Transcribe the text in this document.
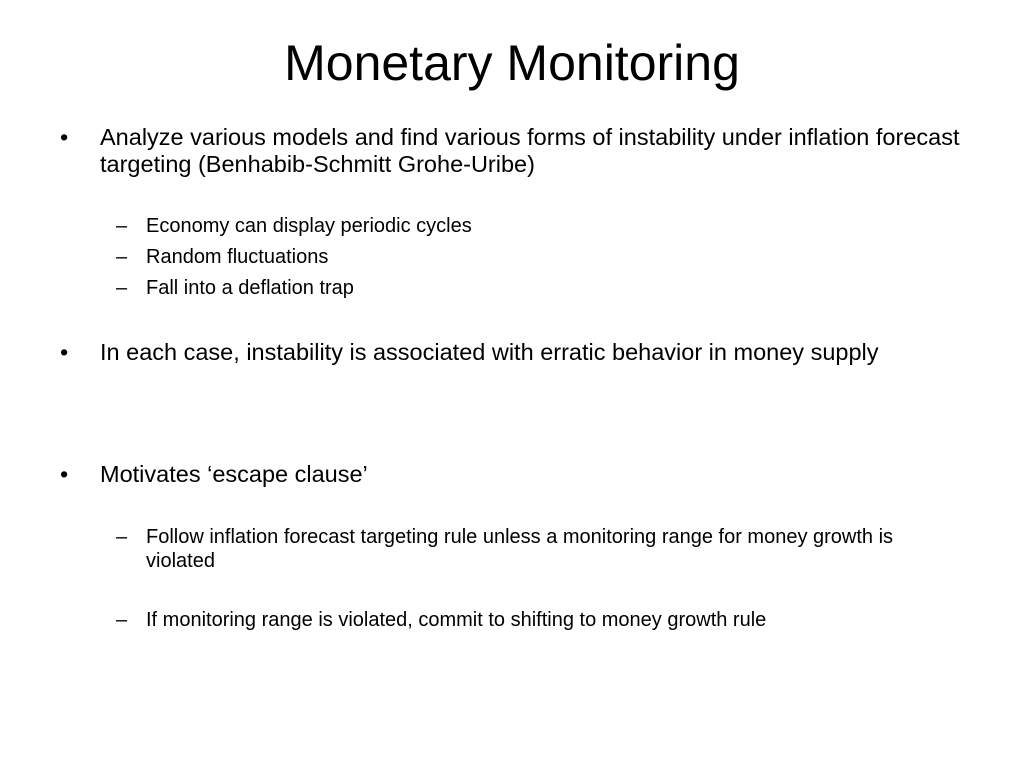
Monetary Monitoring
• Analyze various models and find various forms of instability under inflation forecast targeting (Benhabib-Schmitt Grohe-Uribe)
– Economy can display periodic cycles
– Random fluctuations
– Fall into a deflation trap
• In each case, instability is associated with erratic behavior in money supply
• Motivates ‘escape clause’
– Follow inflation forecast targeting rule unless a monitoring range for money growth is violated
– If monitoring range is violated, commit to shifting to money growth rule
